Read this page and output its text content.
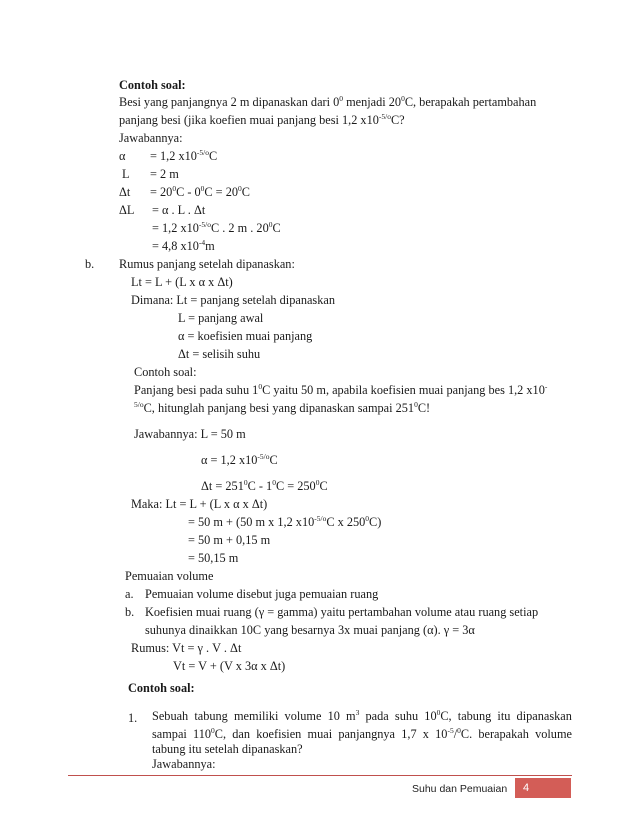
Contoh soal:
Besi yang panjangnya 2 m dipanaskan dari $0^0$ menjadi $20^0C$, berapakah pertambahan
panjang besi (jika koefien muai panjang besi 1,2 $x10^{-5/o}C$?
Jawabannya:
α = 1,2 $x10^{-5/o}C$
L = 2 m
$\Delta t = 20^0C - 0^0C = 20^0C$
ΔL = α . L . Δt
= 1,2 $x10^{-5/o}C$ . 2 m . $20^0C$
= 4,8 $x10^{-4}m$
b. Rumus panjang setelah dipanaskan:
Lt = L + (L x α x Δt)
Dimana: Lt = panjang setelah dipanaskan
L = panjang awal
α = koefisien muai panjang
Δt = selisih suhu
Contoh soal:
Panjang besi pada suhu $1^0C$ yaitu 50 m, apabila koefisien muai panjang bes 1,2 x10-
$^{5/o}$C, hitunglah panjang besi yang dipanaskan sampai $251^0C$!
Jawabannya: L = 50 m
α = 1,2 $x10^{-5/o}C$
$\Delta t = 251^0C - 1^0C = 250^0C$
Maka: Lt = L + (L x α x Δt)
= 50 m + (50 m x 1,2 $x10^{-5/o}C$ x $250^0C$)
= 50 m + 0,15 m
= 50,15 m
Pemuaian volume
a. Pemuaian volume disebut juga pemuaian ruang
b. Koefisien muai ruang (γ = gamma) yaitu pertambahan volume atau ruang setiap
suhunya dinaikkan 10C yang besarnya 3x muai panjang (α). γ = 3α
Rumus: Vt = γ . V . Δt
Vt = V + (V x 3α x Δt)
Contoh soal:
1. Sebuah tabung memiliki volume 10 $m^3$ pada suhu $10^0C$, tabung itu dipanaskan
sampai $110^0C$, dan koefisien muai panjangnya 1,7 x $10^{-5}/^0C$. berapakah volume
Suhu dan Pemuaian	4
tabung itu setelah dipanaskan?
Jawabannya:
